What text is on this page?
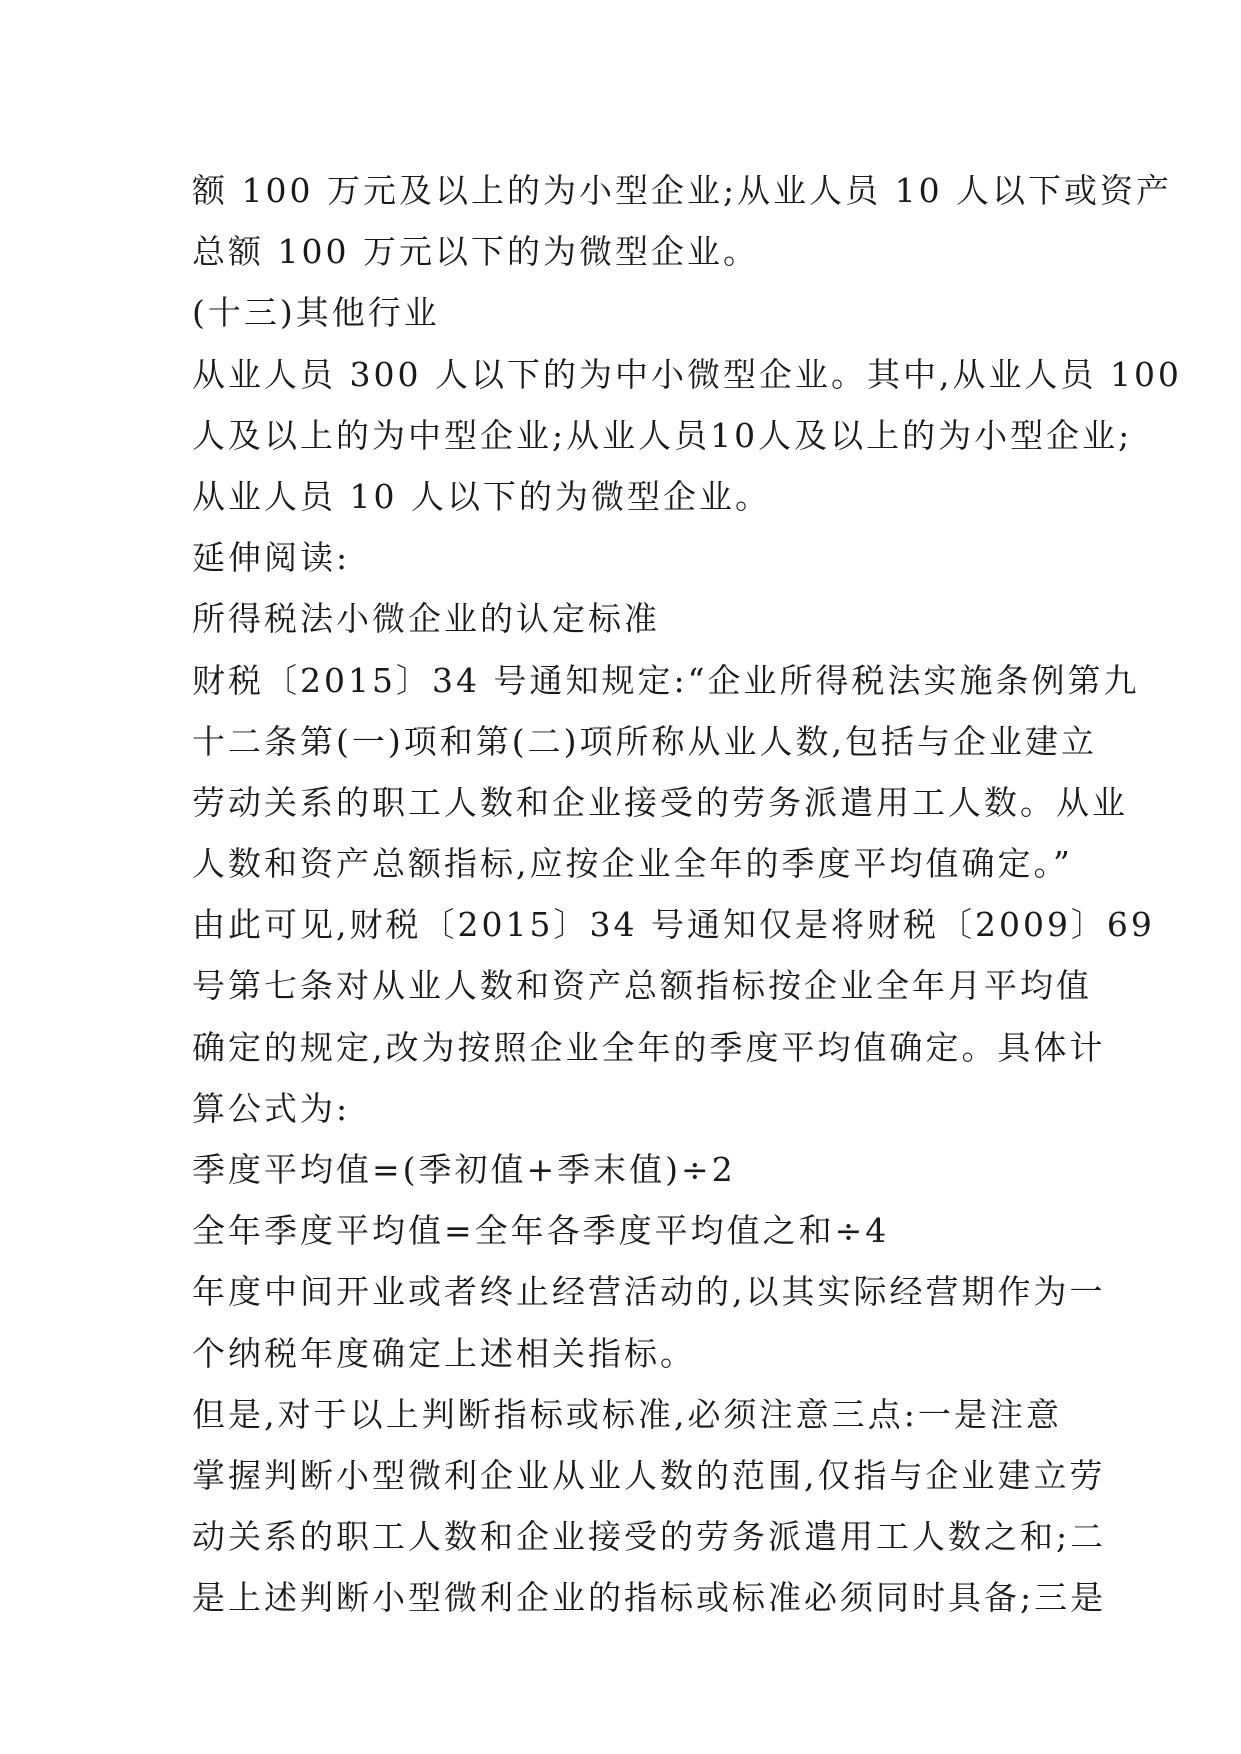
额 100 万元及以上的为小型企业;从业人员 10 人以下或资产
总额 100 万元以下的为微型企业。
(十三)其他行业
从业人员 300 人以下的为中小微型企业。其中,从业人员 100
人及以上的为中型企业;从业人员10人及以上的为小型企业;
从业人员 10 人以下的为微型企业。
延伸阅读:
所得税法小微企业的认定标准
财税〔2015〕34 号通知规定:“企业所得税法实施条例第九
十二条第(一)项和第(二)项所称从业人数,包括与企业建立
劳动关系的职工人数和企业接受的劳务派遣用工人数。从业
人数和资产总额指标,应按企业全年的季度平均值确定。”
由此可见,财税〔2015〕34 号通知仅是将财税〔2009〕69
号第七条对从业人数和资产总额指标按企业全年月平均值
确定的规定,改为按照企业全年的季度平均值确定。具体计
算公式为:
季度平均值=(季初值+季末值)÷2
全年季度平均值=全年各季度平均值之和÷4
年度中间开业或者终止经营活动的,以其实际经营期作为一
个纳税年度确定上述相关指标。
但是,对于以上判断指标或标准,必须注意三点:一是注意
掌握判断小型微利企业从业人数的范围,仅指与企业建立劳
动关系的职工人数和企业接受的劳务派遣用工人数之和;二
是上述判断小型微利企业的指标或标准必须同时具备;三是
